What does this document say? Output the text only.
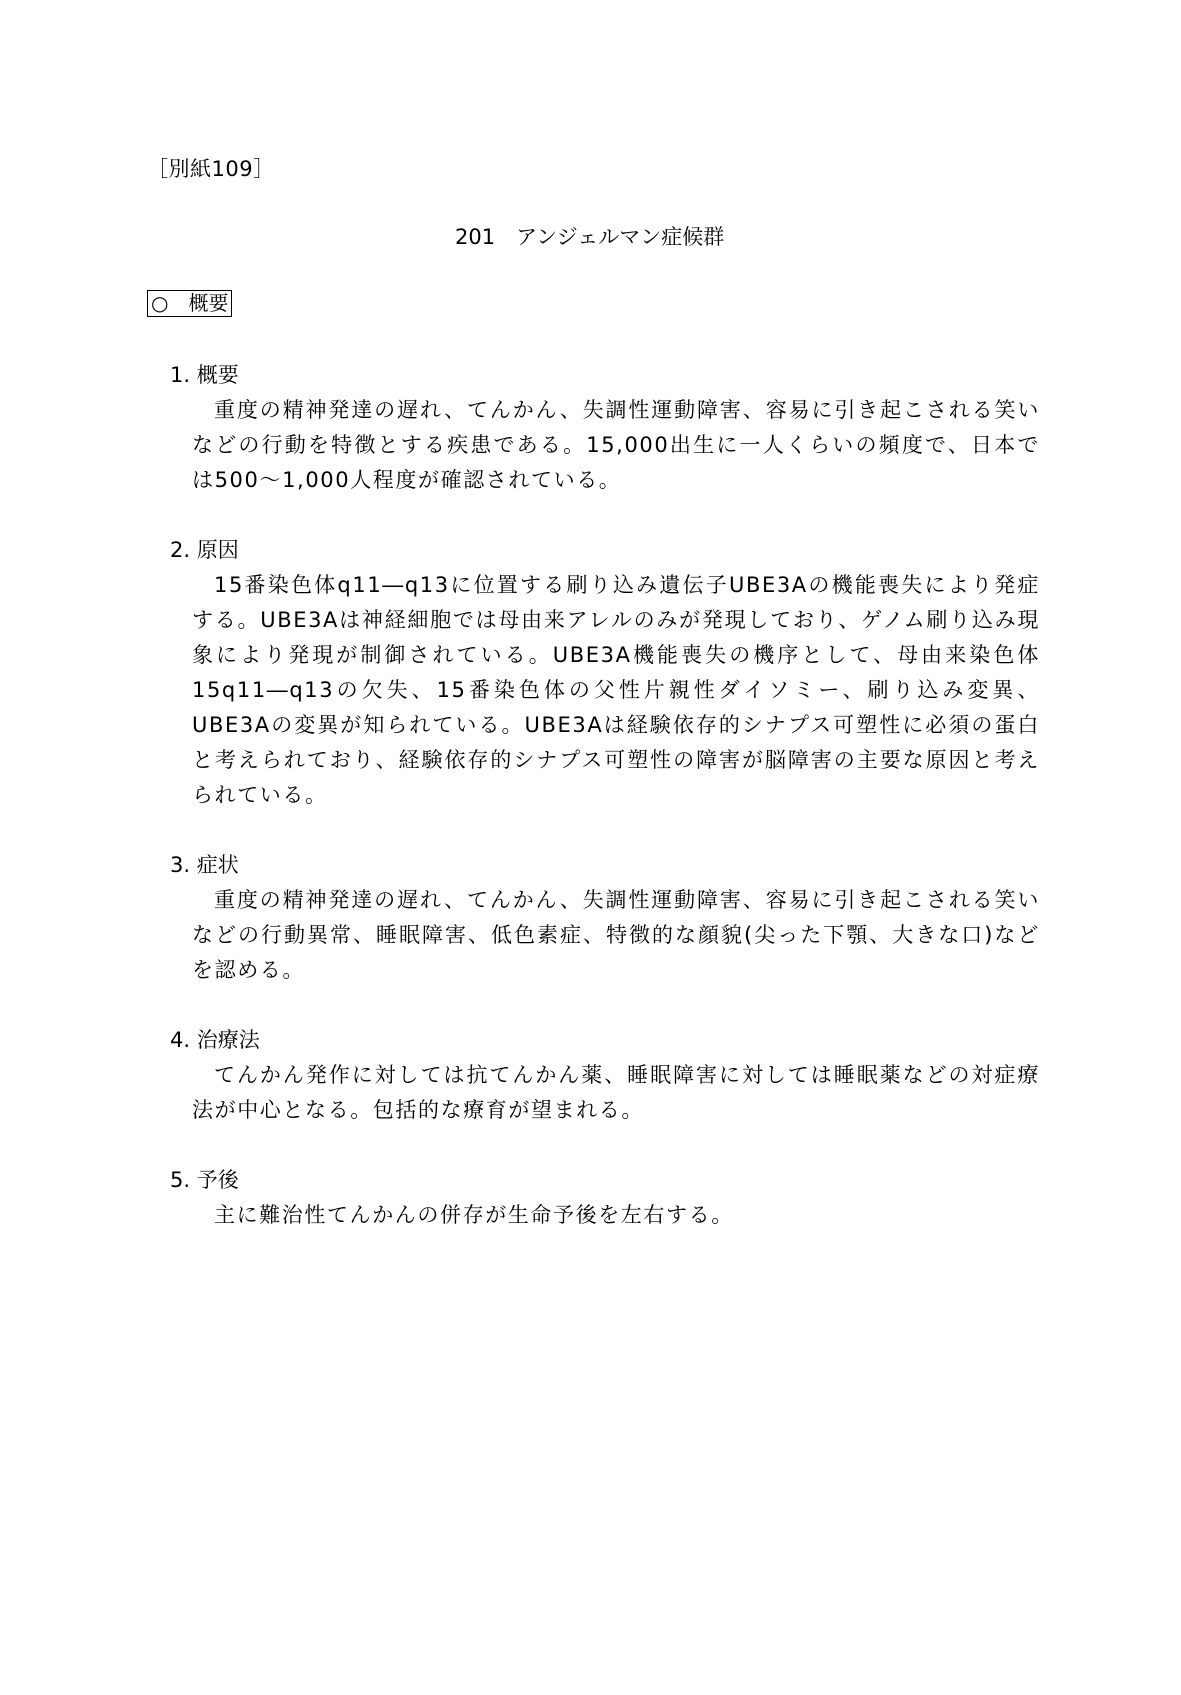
［別紙109］
201　アンジェルマン症候群
○　概要
1. 概要
重度の精神発達の遅れ、てんかん、失調性運動障害、容易に引き起こされる笑いなどの行動を特徴とする疾患である。15,000出生に一人くらいの頻度で、日本では500～1,000人程度が確認されている。
2. 原因
15番染色体q11―q13に位置する刷り込み遺伝子UBE3Aの機能喪失により発症する。UBE3Aは神経細胞では母由来アレルのみが発現しており、ゲノム刷り込み現象により発現が制御されている。UBE3A機能喪失の機序として、母由来染色体15q11―q13の欠失、15番染色体の父性片親性ダイソミー、刷り込み変異、UBE3Aの変異が知られている。UBE3Aは経験依存的シナプス可塑性に必須の蛋白と考えられており、経験依存的シナプス可塑性の障害が脳障害の主要な原因と考えられている。
3. 症状
重度の精神発達の遅れ、てんかん、失調性運動障害、容易に引き起こされる笑いなどの行動異常、睡眠障害、低色素症、特徴的な顔貌(尖った下顎、大きな口)などを認める。
4. 治療法
てんかん発作に対しては抗てんかん薬、睡眠障害に対しては睡眠薬などの対症療法が中心となる。包括的な療育が望まれる。
5. 予後
主に難治性てんかんの併存が生命予後を左右する。
